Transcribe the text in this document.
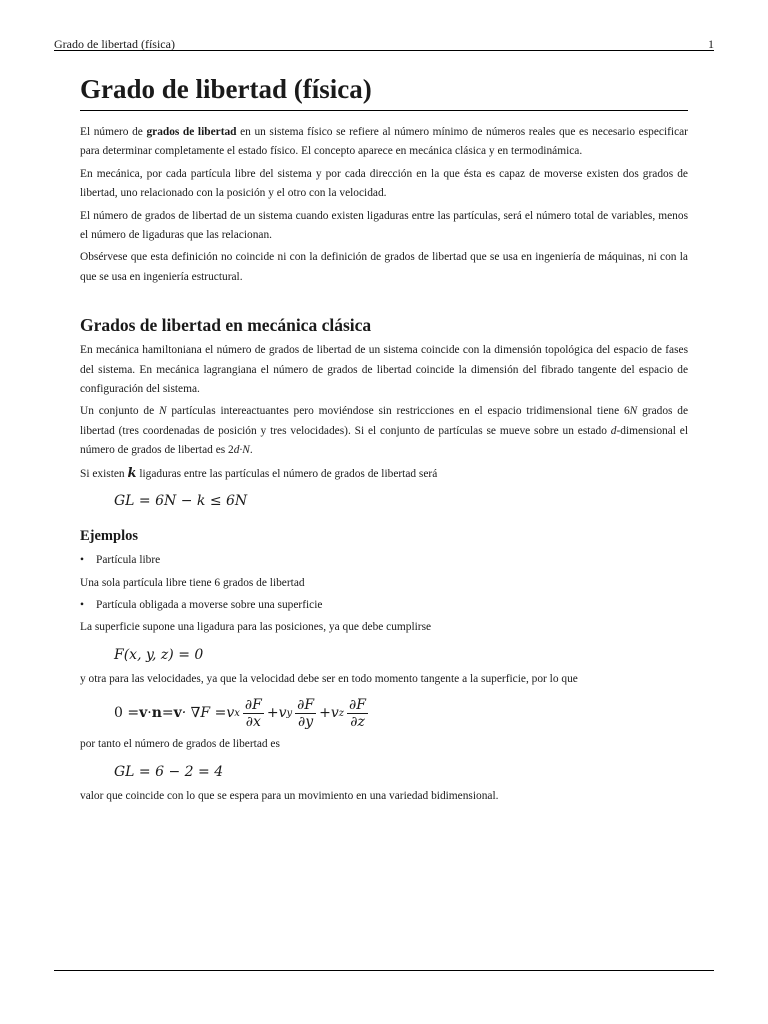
Grado de libertad (física)	1
Grado de libertad (física)

El número de grados de libertad en un sistema físico se refiere al número mínimo de números reales que es necesario especificar para determinar completamente el estado físico. El concepto aparece en mecánica clásica y en termodinámica.

En mecánica, por cada partícula libre del sistema y por cada dirección en la que ésta es capaz de moverse existen dos grados de libertad, uno relacionado con la posición y el otro con la velocidad.

El número de grados de libertad de un sistema cuando existen ligaduras entre las partículas, será el número total de variables, menos el número de ligaduras que las relacionan.

Obsérvese que esta definición no coincide ni con la definición de grados de libertad que se usa en ingeniería de máquinas, ni con la que se usa en ingeniería estructural.

Grados de libertad en mecánica clásica

En mecánica hamiltoniana el número de grados de libertad de un sistema coincide con la dimensión topológica del espacio de fases del sistema. En mecánica lagrangiana el número de grados de libertad coincide la dimensión del fibrado tangente del espacio de configuración del sistema.

Un conjunto de N partículas intereactuantes pero moviéndose sin restricciones en el espacio tridimensional tiene 6N grados de libertad (tres coordenadas de posición y tres velocidades). Si el conjunto de partículas se mueve sobre un estado d-dimensional el número de grados de libertad es 2d·N.

Si existen k ligaduras entre las partículas el número de grados de libertad será

GL = 6N − k ≤ 6N
Ejemplos
• Partícula libre

Una sola partícula libre tiene 6 grados de libertad

• Partícula obligada a moverse sobre una superficie

La superficie supone una ligadura para las posiciones, ya que debe cumplirse

F(x, y, z) = 0

y otra para las velocidades, ya que la velocidad debe ser en todo momento tangente a la superficie, por lo que

0 = v · n = v · ∇F = v x $\frac{\partial F}{\partial x} + v$ y $\frac{\partial F}{\partial y} + v$ z $\frac{\partial F}{\partial z}$

por tanto el número de grados de libertad es

GL = 6 − 2 = 4

valor que coincide con lo que se espera para un movimiento en una variedad bidimensional.
